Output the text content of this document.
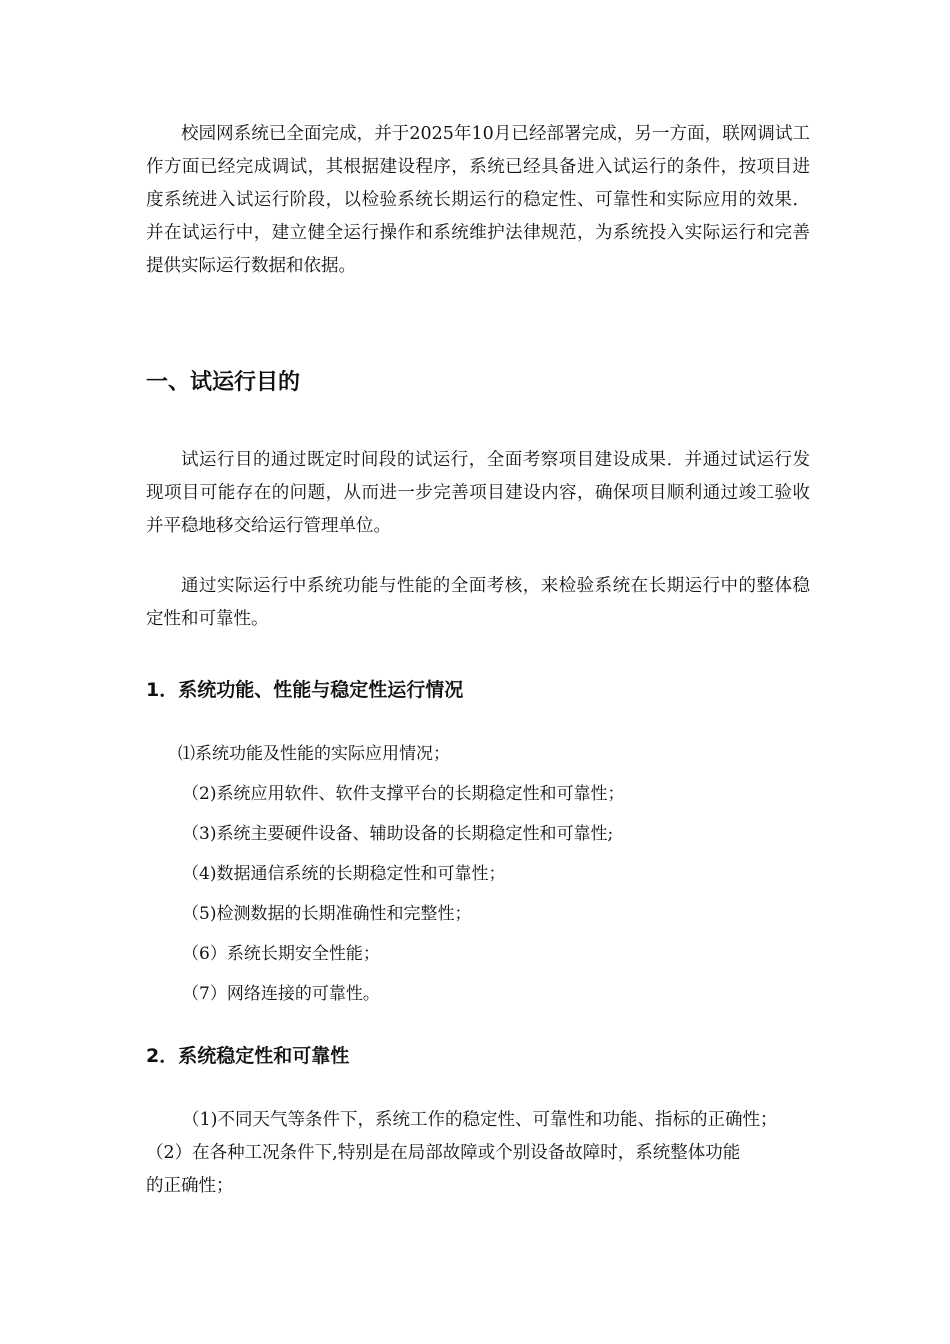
校园网系统已全面完成，并于2025年10月已经部署完成，另一方面，联网调试工作方面已经完成调试，其根据建设程序，系统已经具备进入试运行的条件，按项目进度系统进入试运行阶段，以检验系统长期运行的稳定性、可靠性和实际应用的效果．并在试运行中，建立健全运行操作和系统维护法律规范，为系统投入实际运行和完善提供实际运行数据和依据。

一、试运行目的

试运行目的通过既定时间段的试运行，全面考察项目建设成果．并通过试运行发现项目可能存在的问题，从而进一步完善项目建设内容，确保项目顺利通过竣工验收并平稳地移交给运行管理单位。

通过实际运行中系统功能与性能的全面考核，来检验系统在长期运行中的整体稳定性和可靠性。

1．系统功能、性能与稳定性运行情况
⑴系统功能及性能的实际应用情况；
（2)系统应用软件、软件支撑平台的长期稳定性和可靠性；
（3)系统主要硬件设备、辅助设备的长期稳定性和可靠性;
（4)数据通信系统的长期稳定性和可靠性；
（5)检测数据的长期准确性和完整性；
（6）系统长期安全性能；
（7）网络连接的可靠性。
2．系统稳定性和可靠性

（1)不同天气等条件下，系统工作的稳定性、可靠性和功能、指标的正确性；

（2）在各种工况条件下,特别是在局部故障或个别设备故障时，系统整体功能

的正确性；
